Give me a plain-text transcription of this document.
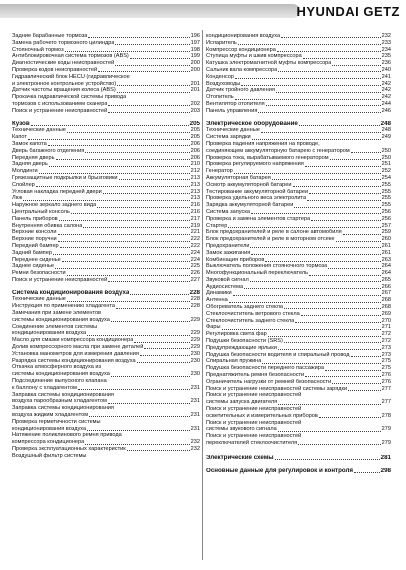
HYUNDAI GETZ
Задние барабанные тормоза	196
Замена рабочего тормозного цилиндра	197
Стояночный тормоз	198
Антиблокировочная система тормозов (ABS)	199
Диагностические коды неисправностей	200
Проверка кодов неисправностей	200
Гидравлический блок HECU (гидравлическое
и электронное контрольное устройство)	201
Датчик частоты вращения колеса (ABS)	201
Прокачка гидравлической системы привода
тормозов с использованием сканера	202
Поиск и устранение неисправностей	203
Кузов	205
Технические данные	205
Капот	205
Замок капота	206
Дверь багажного отделения	206
Передняя дверь	206
Задняя дверь	210
Молдинги	212
Грязезащитные подкрылки и брызговики	213
Спойлер	213
Угловая накладка передней двери	213
Люк	213
Наружное зеркало заднего вида	216
Центральный консоль	216
Панель приборов	217
Внутренняя обивка салона	219
Верхние консоли	221
Верхние поручни	222
Передний бампер	222
Задний бампер	224
Переднее сиденье	224
Заднее сиденье	225
Ремни безопасности	226
Поиск и устранение неисправностей	227
Система кондиционирования воздуха	228
Технические данные	228
Инструкция по применению хладагента	228
Замечания при замене элементов
системы кондиционирования воздуха	229
Соединение элементов системы
кондиционирования воздуха	229
Масло для смазки компрессора кондиционера	229
Долив компрессорного масла при замене деталей	229
Установка манометров для измерения давления	230
Разрядка системы кондиционирования воздуха	230
Откачка атмосферного воздуха из
системы кондиционирования воздуха	230
Подсоединение выпускного клапана
к баллону с хладагентом	231
Заправка системы кондиционирования
воздуха парообразным хладагентом	231
Заправка системы кондиционирования
воздуха жидким хладагентом	231
Проверка герметичности системы
кондиционирования воздуха	231
Натяжение поликлинового ремня привода
компрессора кондиционера	232
Проверка эксплуатационных характеристик	232
Воздушный фильтр системы
кондиционирования воздуха	232
Испаритель	233
Компрессор кондиционера	234
Ступица муфты и шкив компрессора	235
Катушка электромагнитной муфты компрессора	236
Сальник вала компрессора	240
Конденсор	241
Воздуховоды	242
Датчик тройного давления	242
Отопитель	242
Вентилятор отопителя	244
Панель управления	246
Электрическое оборудование	248
Технические данные	248
Система зарядки	249
Проверка падения напряжения на проводе,
соединяющем аккумуляторную батарею с генератором	250
Проверка тока, вырабатываемого генератором	250
Проверка регулируемого напряжения	251
Генератор	252
Аккумуляторная батарея	254
Осмотр аккумуляторной батареи	255
Тестирование аккумуляторной батареи	255
Проверка удельного веса электролита	255
Зарядка аккумуляторной батареи	255
Система запуска	256
Проверка и замена элементов стартера	256
Стартер	257
Блок предохранителей и реле в салоне автомобиля	259
Блок предохранителей и реле в моторном отсеке	260
Предохранители	261
Замок зажигания	261
Комбинация приборов	263
Выключатель положения стояночного тормоза	264
Многофункциональный переключатель	264
Звуковой сигнал	265
Аудиосистема	266
Динамики	267
Антенна	268
Обогреватель заднего стекла	268
Стеклоочиститель ветрового стекла	269
Стеклоочиститель заднего стекла	270
Фары	271
Регулировка света фар	272
Подушки безопасности (SRS)	272
Предупреждающие ярлыки	273
Подушка безопасности водителя и спиральный провод	273
Спиральная пружина	275
Подушка безопасности переднего пассажира	275
Преднатяжитель ремня безопасности	276
Ограничитель нагрузки от ремней безопасности	276
Поиск и устранение неисправностей системы зарядки	277
Поиск и устранение неисправностей
системы запуска двигателя	277
Поиск и устранение неисправностей
осветительных и измерительных приборов	278
Поиск и устранение неисправностей
системы звукового сигнала	279
Поиск и устранение неисправностей
переключателей стеклоочистителя	279
Электрические схемы	281
Основные данные для регулировок и контроля	298
